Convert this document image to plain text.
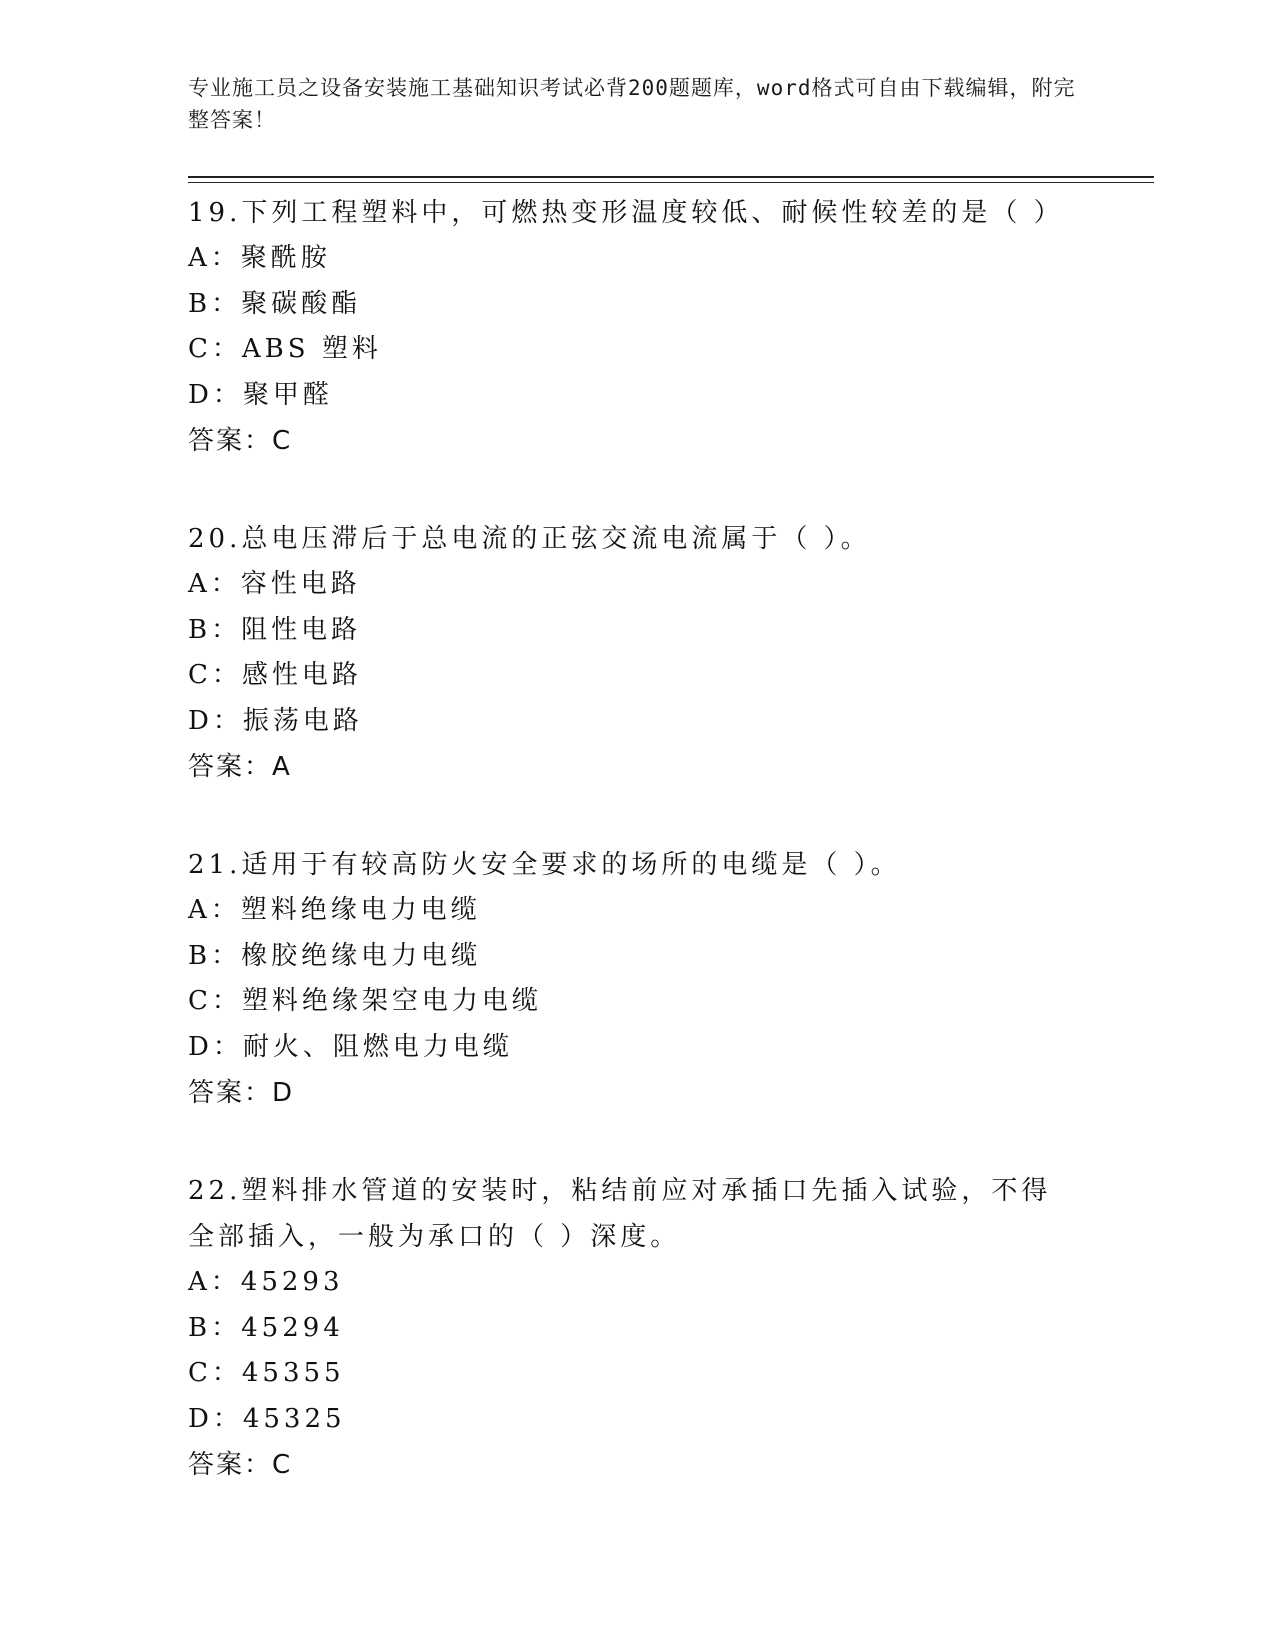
专业施工员之设备安装施工基础知识考试必背200题题库，word格式可自由下载编辑，附完整答案！

19.下列工程塑料中，可燃热变形温度较低、耐候性较差的是（ ）

A：聚酰胺

B：聚碳酸酯

C：ABS 塑料

D：聚甲醛

答案：C

20.总电压滞后于总电流的正弦交流电流属于（ ）。

A：容性电路

B：阻性电路

C：感性电路

D：振荡电路

答案：A

21.适用于有较高防火安全要求的场所的电缆是（ ）。

A：塑料绝缘电力电缆

B：橡胶绝缘电力电缆

C：塑料绝缘架空电力电缆

D：耐火、阻燃电力电缆

答案：D

22.塑料排水管道的安装时，粘结前应对承插口先插入试验，不得全部插入，一般为承口的（ ）深度。

A：45293

B：45294

C：45355

D：45325

答案：C
